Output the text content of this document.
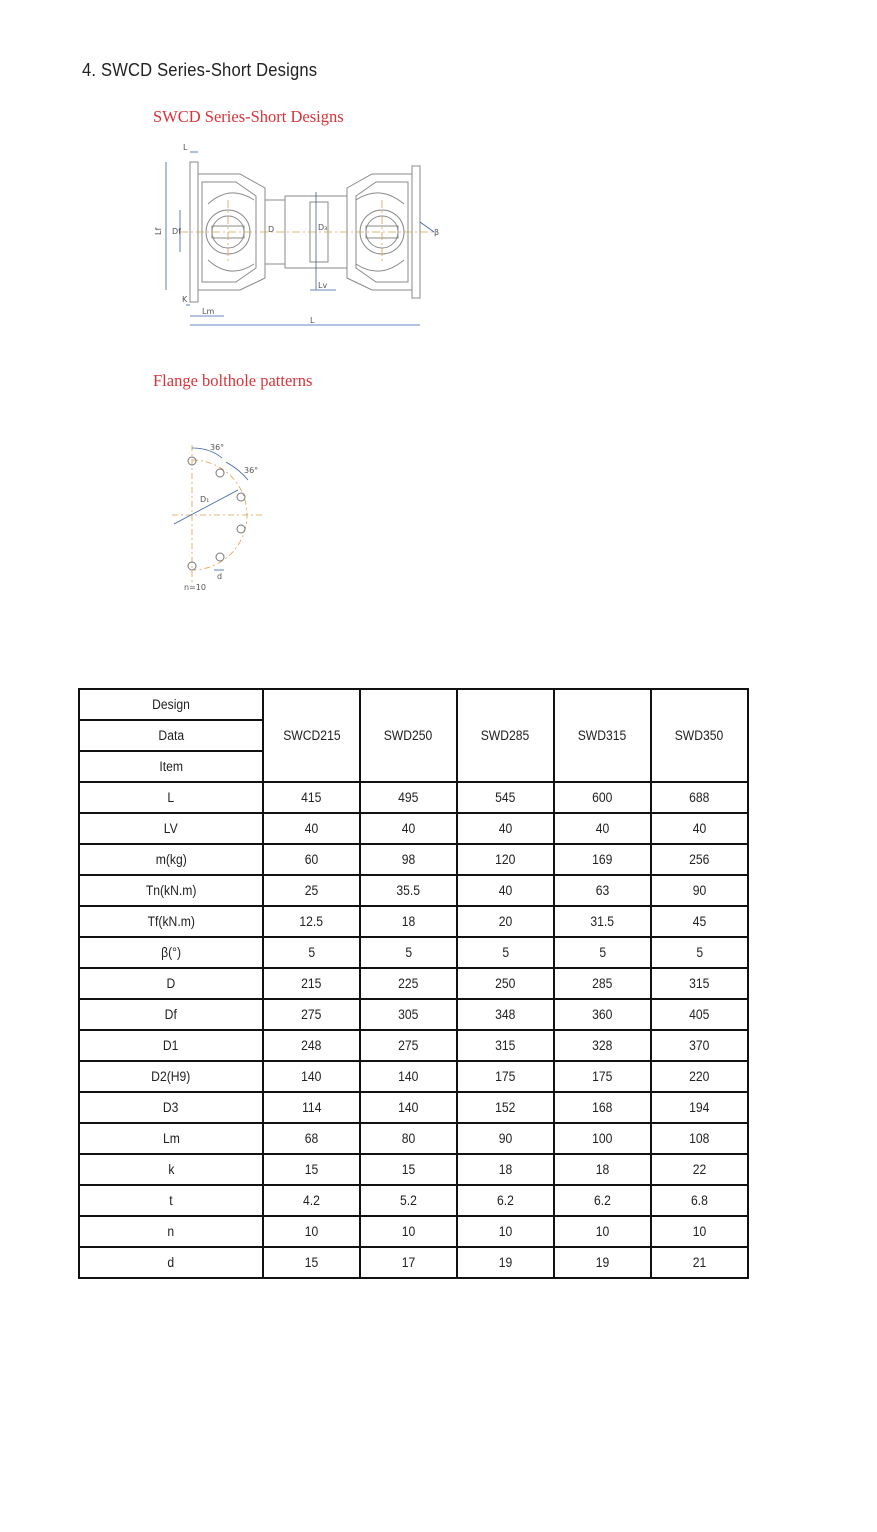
4. SWCD Series-Short Designs
SWCD Series-Short Designs
L
Lf Df	D	D₃
β
Lv
K
Lm
L
Flange bolthole patterns
36°
36°
D₁
d
n=10
Design	SWCD215	SWD250	SWD285	SWD315	SWD350
Data					
Item					
L	415	495	545	600	688
LV	40	40	40	40	40
m(kg)	60	98	120	169	256
Tn(kN.m)	25	35.5	40	63	90
Tf(kN.m)	12.5	18	20	31.5	45
β(°)	5	5	5	5	5
D	215	225	250	285	315
Df	275	305	348	360	405
D1	248	275	315	328	370
D2(H9)	140	140	175	175	220
D3	114	140	152	168	194
Lm	68	80	90	100	108
k	15	15	18	18	22
t	4.2	5.2	6.2	6.2	6.8
n	10	10	10	10	10
d	15	17	19	19	21
